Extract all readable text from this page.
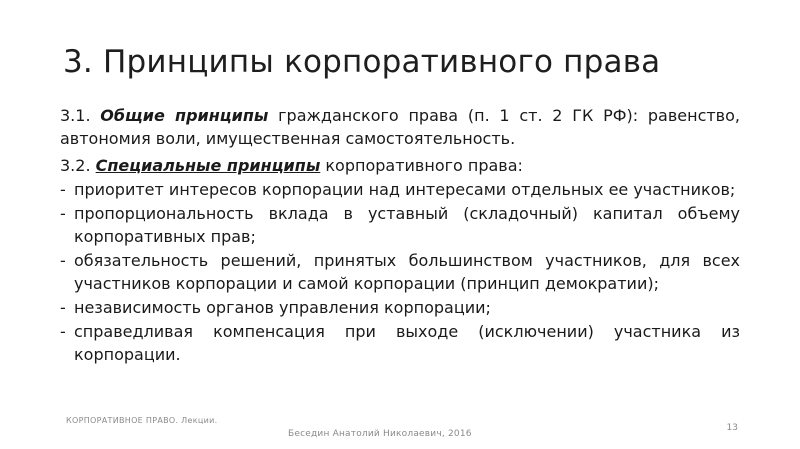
3. Принципы корпоративного права

3.1. Общие принципы гражданского права (п. 1 ст. 2 ГК РФ): равенство, автономия воли, имущественная самостоятельность.

3.2. Специальные принципы корпоративного права:

- приоритет интересов корпорации над интересами отдельных ее участников;
- пропорциональность вклада в уставный (складочный) капитал объему корпоративных прав;
- обязательность решений, принятых большинством участников, для всех участников корпорации и самой корпорации (принцип демократии);
- независимость органов управления корпорации;
- справедливая компенсация при выходе (исключении) участника из корпорации.
КОРПОРАТИВНОЕ ПРАВО. Лекции.
Беседин Анатолий Николаевич, 2016
13
